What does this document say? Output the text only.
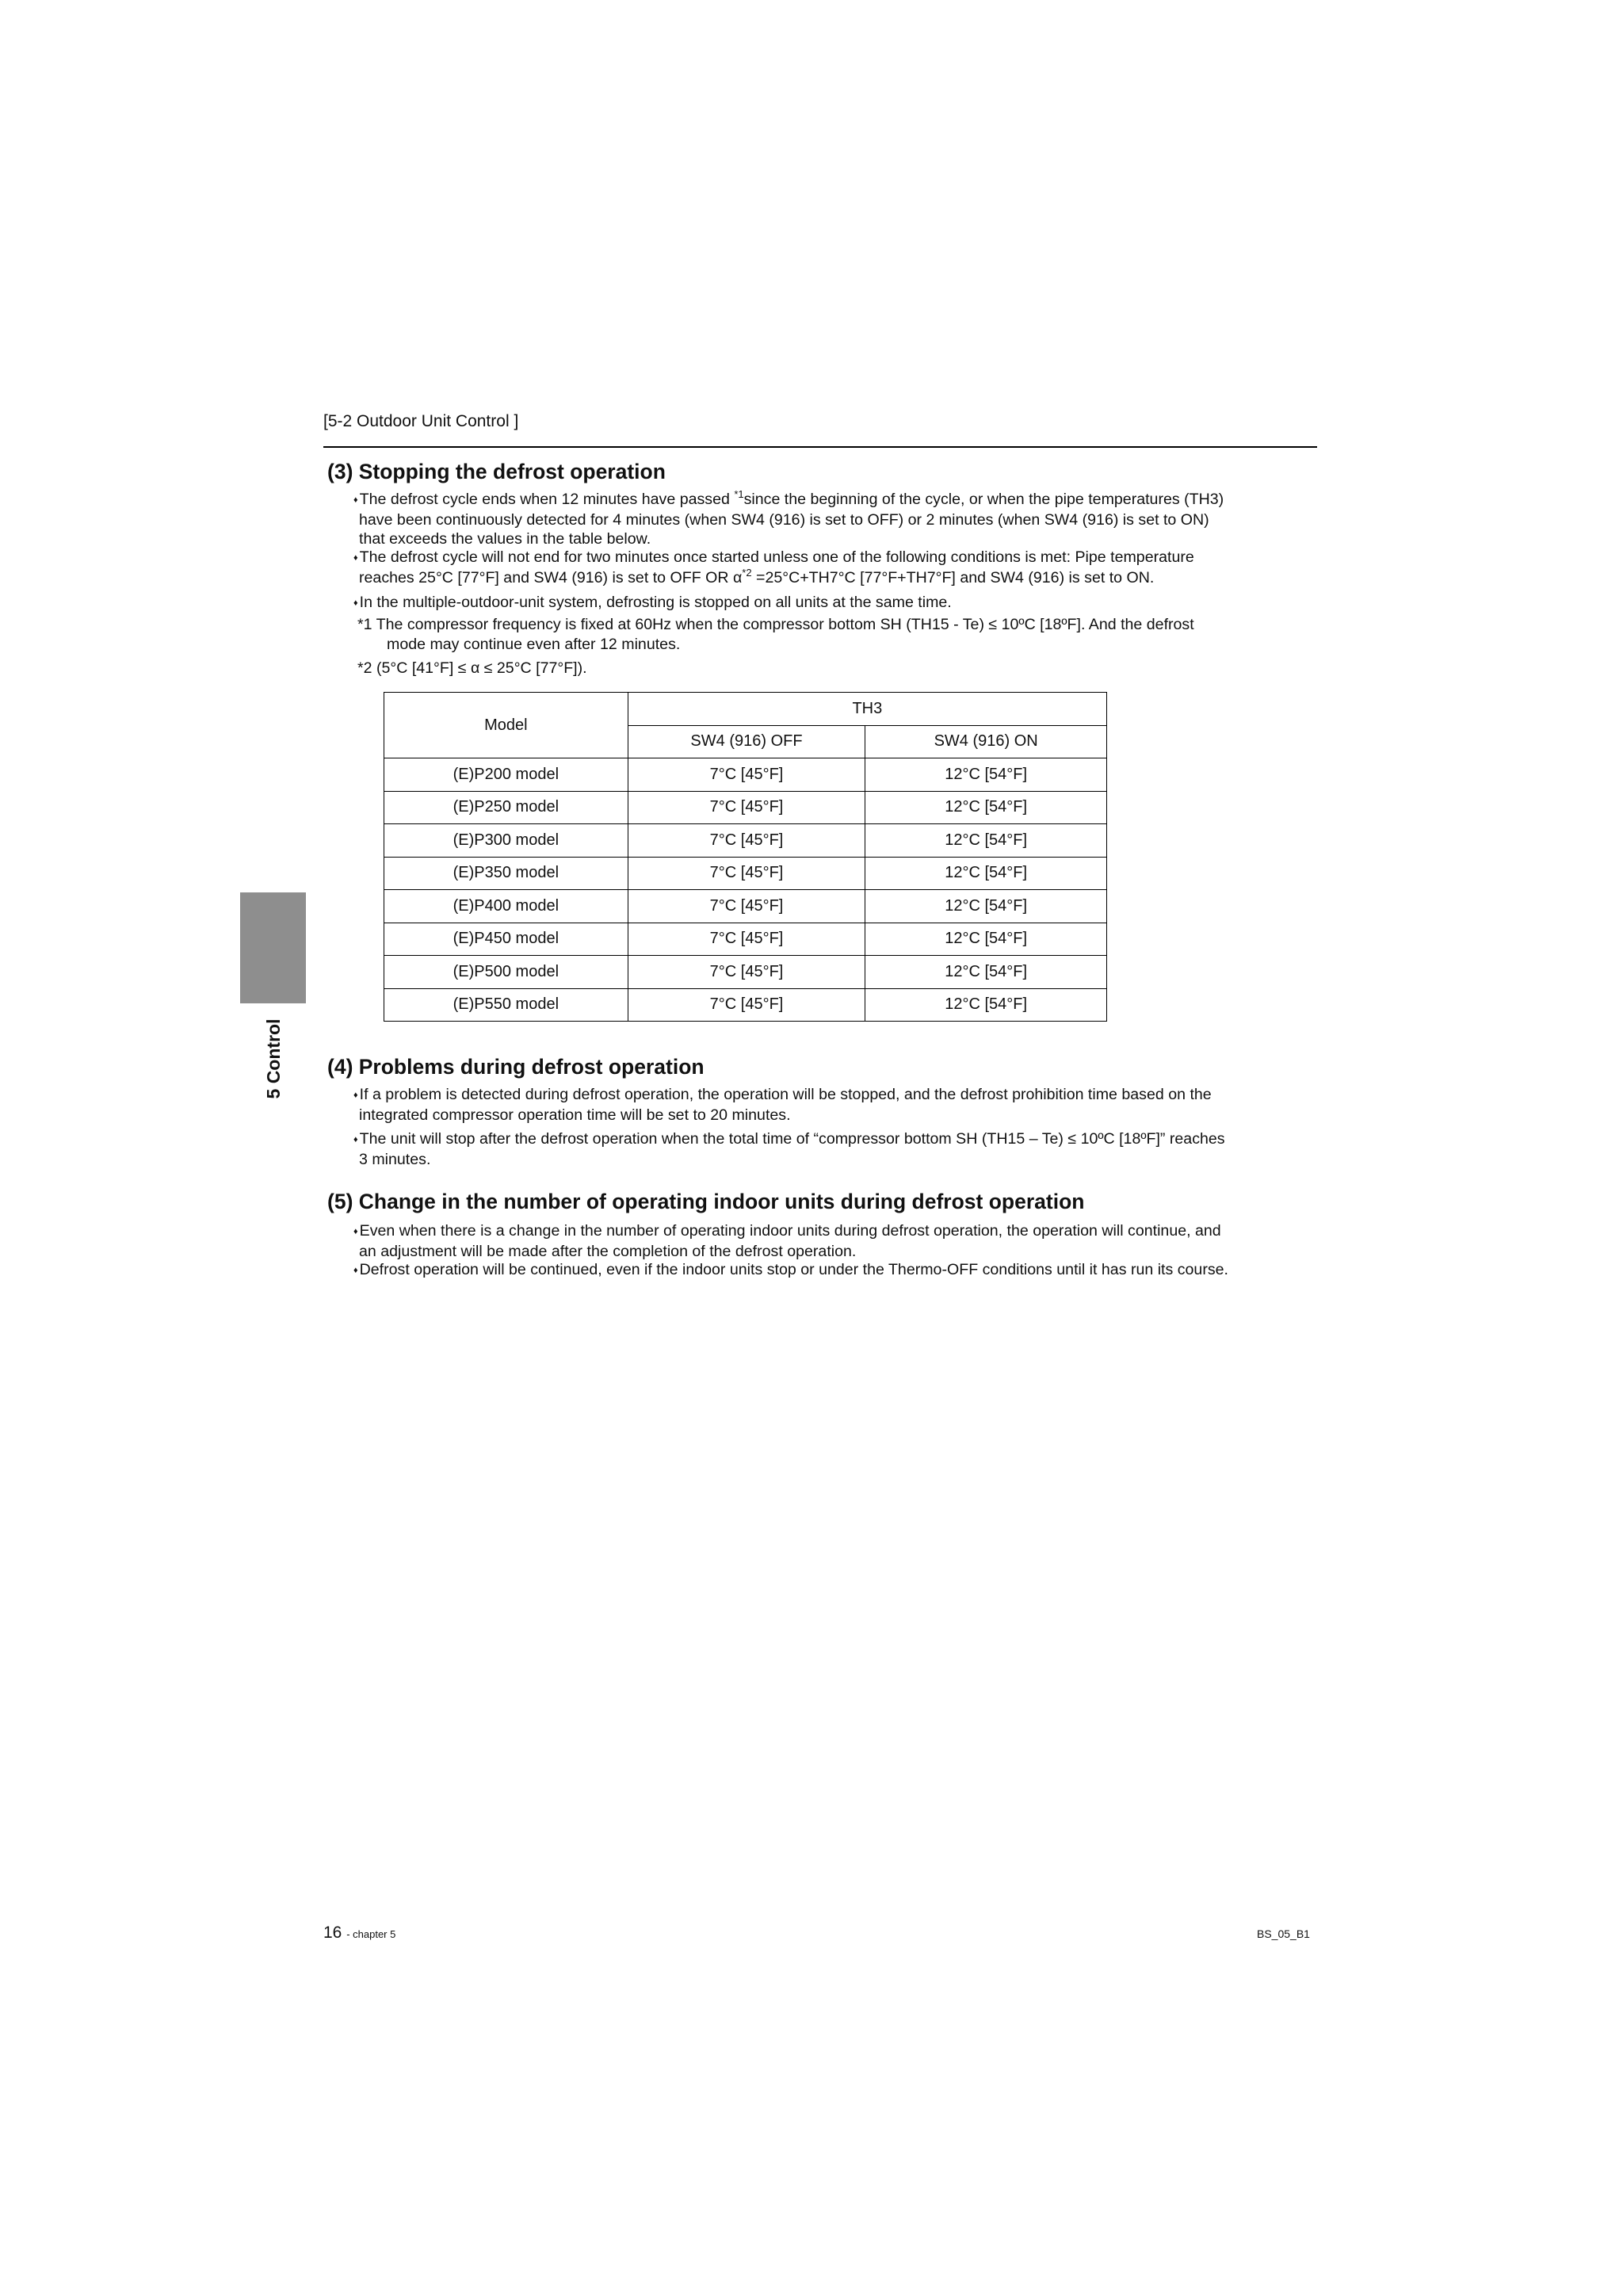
[5-2 Outdoor Unit Control ]
5 Control
(3) Stopping the defrost operation
♦ The defrost cycle ends when 12 minutes have passed $^{*1}$since the beginning of the cycle, or when the pipe temperatures (TH3)
have been continuously detected for 4 minutes (when SW4 (916) is set to OFF) or 2 minutes (when SW4 (916) is set to ON)
that exceeds the values in the table below.
♦ The defrost cycle will not end for two minutes once started unless one of the following conditions is met: Pipe temperature
reaches 25°C [77°F] and SW4 (916) is set to OFF OR $\alpha^{*2} =25^\circ C+TH7^\circ C$ [77°F+TH7°F] and SW4 (916) is set to ON.
♦ In the multiple-outdoor-unit system, defrosting is stopped on all units at the same time.
*1 The compressor frequency is fixed at 60Hz when the compressor bottom SH (TH15 - Te) ≤ 10ºC [18ºF]. And the defrost
mode may continue even after 12 minutes.
*2 (5°C [41°F] ≤ α ≤ 25°C [77°F]).
Model	TH3	
	SW4 (916) OFF	SW4 (916) ON
(E)P200 model	7°C [45°F]	12°C [54°F]
(E)P250 model	7°C [45°F]	12°C [54°F]
(E)P300 model	7°C [45°F]	12°C [54°F]
(E)P350 model	7°C [45°F]	12°C [54°F]
(E)P400 model	7°C [45°F]	12°C [54°F]
(E)P450 model	7°C [45°F]	12°C [54°F]
(E)P500 model	7°C [45°F]	12°C [54°F]
(E)P550 model	7°C [45°F]	12°C [54°F]
(4) Problems during defrost operation
♦ If a problem is detected during defrost operation, the operation will be stopped, and the defrost prohibition time based on the
integrated compressor operation time will be set to 20 minutes.
♦ The unit will stop after the defrost operation when the total time of “compressor bottom SH (TH15 – Te) ≤ 10ºC [18ºF]” reaches
3 minutes.
(5) Change in the number of operating indoor units during defrost operation
♦ Even when there is a change in the number of operating indoor units during defrost operation, the operation will continue, and
an adjustment will be made after the completion of the defrost operation.
♦ Defrost operation will be continued, even if the indoor units stop or under the Thermo-OFF conditions until it has run its course.
16 - chapter 5	BS_05_B1
